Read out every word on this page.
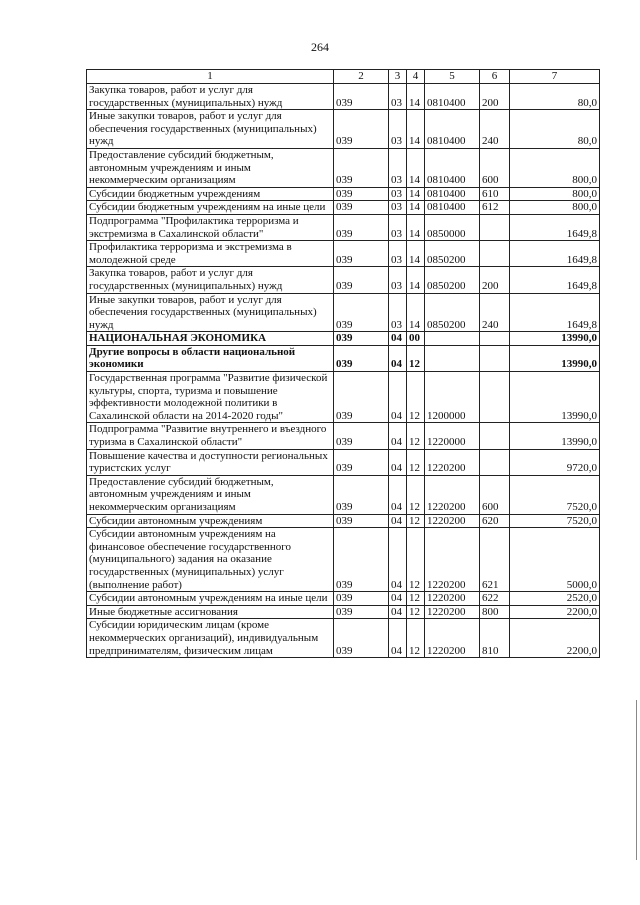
264
1	2	3	4	5	6	7
Закупка товаров, работ и услуг для государственных (муниципальных) нужд	039	03	14	0810400	200	80,0
Иные закупки товаров, работ и услуг для обеспечения государственных (муниципальных) нужд	039	03	14	0810400	240	80,0
Предоставление субсидий бюджетным, автономным учреждениям и иным некоммерческим организациям	039	03	14	0810400	600	800,0
Субсидии бюджетным учреждениям	039	03	14	0810400	610	800,0
Субсидии бюджетным учреждениям на иные цели	039	03	14	0810400	612	800,0
Подпрограмма "Профилактика терроризма и экстремизма в Сахалинской области"	039	03	14	0850000		1649,8
Профилактика терроризма и экстремизма в молодежной среде	039	03	14	0850200		1649,8
Закупка товаров, работ и услуг для государственных (муниципальных) нужд	039	03	14	0850200	200	1649,8
Иные закупки товаров, работ и услуг для обеспечения государственных (муниципальных) нужд	039	03	14	0850200	240	1649,8
НАЦИОНАЛЬНАЯ ЭКОНОМИКА	039	04	00			13990,0
Другие вопросы в области национальной экономики	039	04	12			13990,0
Государственная программа "Развитие физической культуры, спорта, туризма и повышение эффективности молодежной политики в Сахалинской области на 2014-2020 годы"	039	04	12	1200000		13990,0
Подпрограмма "Развитие внутреннего и въездного туризма в Сахалинской области"	039	04	12	1220000		13990,0
Повышение качества и доступности региональных туристских услуг	039	04	12	1220200		9720,0
Предоставление субсидий бюджетным, автономным учреждениям и иным некоммерческим организациям	039	04	12	1220200	600	7520,0
Субсидии автономным учреждениям	039	04	12	1220200	620	7520,0
Субсидии автономным учреждениям на финансовое обеспечение государственного (муниципального) задания на оказание государственных (муниципальных) услуг (выполнение работ)	039	04	12	1220200	621	5000,0
Субсидии автономным учреждениям на иные цели	039	04	12	1220200	622	2520,0
Иные бюджетные ассигнования	039	04	12	1220200	800	2200,0
Субсидии юридическим лицам (кроме некоммерческих организаций), индивидуальным предпринимателям, физическим лицам	039	04	12	1220200	810	2200,0
